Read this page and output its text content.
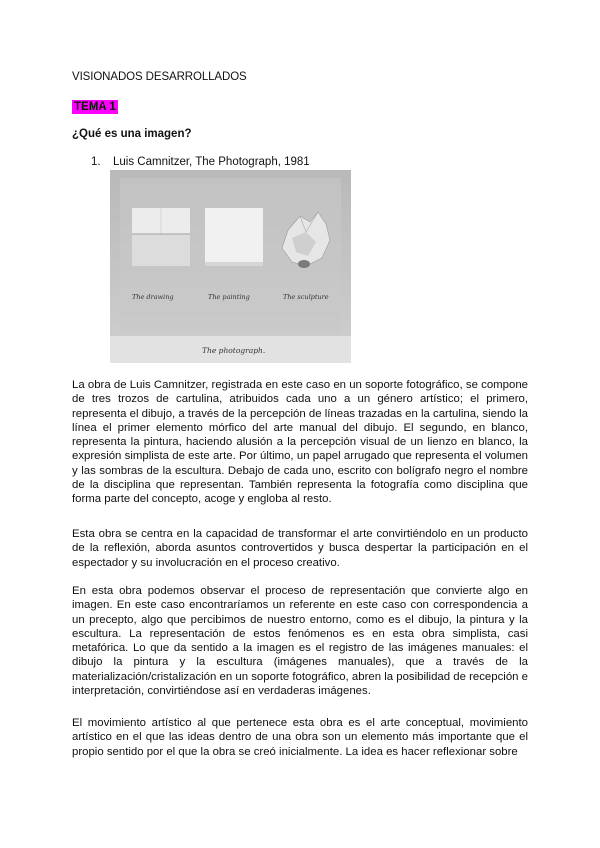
VISIONADOS DESARROLLADOS
TEMA 1
¿Qué es una imagen?
1. Luis Camnitzer, The Photograph, 1981
The drawing	The painting	The sculpture
The photograph.

La obra de Luis Camnitzer, registrada en este caso en un soporte fotográfico, se compone de tres trozos de cartulina, atribuidos cada uno a un género artístico; el primero, representa el dibujo, a través de la percepción de líneas trazadas en la cartulina, siendo la línea el primer elemento mórfico del arte manual del dibujo. El segundo, en blanco, representa la pintura, haciendo alusión a la percepción visual de un lienzo en blanco, la expresión simplista de este arte. Por último, un papel arrugado que representa el volumen y las sombras de la escultura. Debajo de cada uno, escrito con bolígrafo negro el nombre de la disciplina que representan. También representa la fotografía como disciplina que forma parte del concepto, acoge y engloba al resto.

Esta obra se centra en la capacidad de transformar el arte convirtiéndolo en un producto de la reflexión, aborda asuntos controvertidos y busca despertar la participación en el espectador y su involucración en el proceso creativo.

En esta obra podemos observar el proceso de representación que convierte algo en imagen. En este caso encontraríamos un referente en este caso con correspondencia a un precepto, algo que percibimos de nuestro entorno, como es el dibujo, la pintura y la escultura. La representación de estos fenómenos es en esta obra simplista, casi metafórica. Lo que da sentido a la imagen es el registro de las imágenes manuales: el dibujo la pintura y la escultura (imágenes manuales), que a través de la materialización/cristalización en un soporte fotográfico, abren la posibilidad de recepción e interpretación, convirtiéndose así en verdaderas imágenes.

El movimiento artístico al que pertenece esta obra es el arte conceptual, movimiento artístico en el que las ideas dentro de una obra son un elemento más importante que el propio sentido por el que la obra se creó inicialmente. La idea es hacer reflexionar sobre
